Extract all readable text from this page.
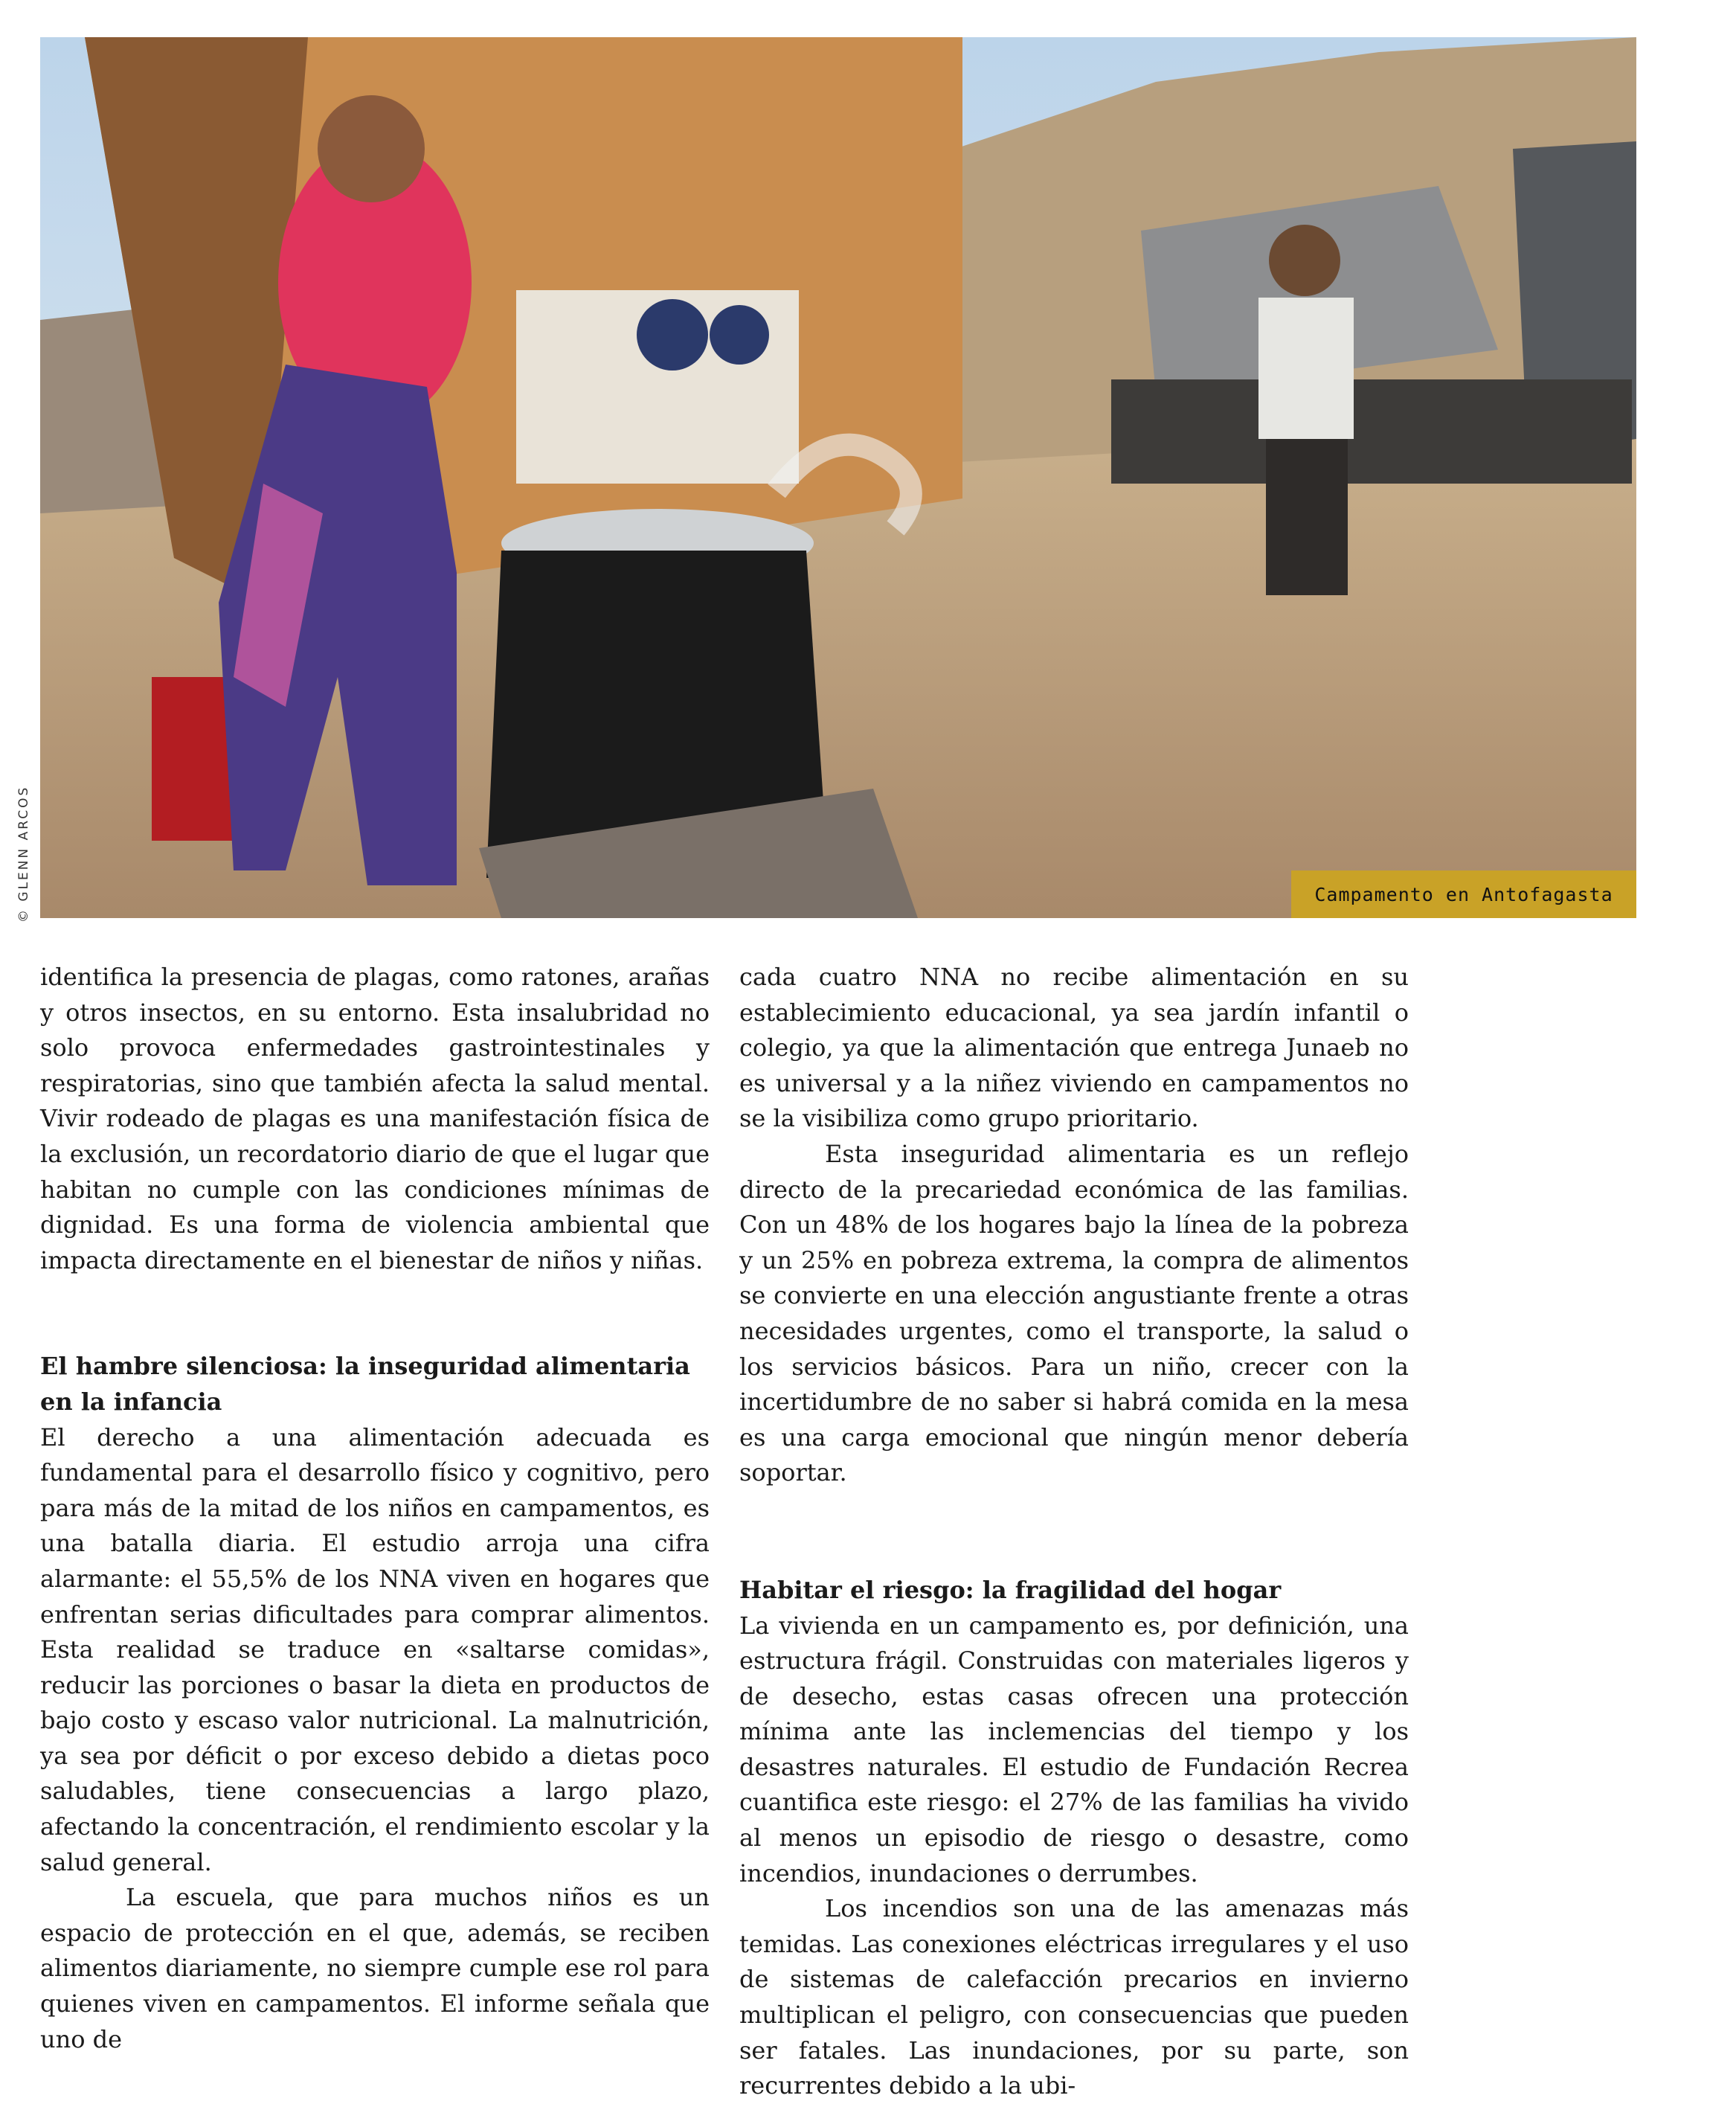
© GLENN ARCOS	Campamento en Antofagasta

identifica la presencia de plagas, como ratones, arañas y otros insectos, en su entorno. Esta insalubridad no solo provoca enfermedades gastrointestinales y respiratorias, sino que también afecta la salud mental. Vivir rodeado de plagas es una manifestación física de la exclusión, un recordatorio diario de que el lugar que habitan no cumple con las condiciones mínimas de dignidad. Es una forma de violencia ambiental que impacta directamente en el bienestar de niños y niñas.

El hambre silenciosa: la inseguridad alimentaria en la infancia

El derecho a una alimentación adecuada es fundamental para el desarrollo físico y cognitivo, pero para más de la mitad de los niños en campamentos, es una batalla diaria. El estudio arroja una cifra alarmante: el 55,5% de los NNA viven en hogares que enfrentan serias dificultades para comprar alimentos. Esta realidad se traduce en «saltarse comidas», reducir las porciones o basar la dieta en productos de bajo costo y escaso valor nutricional. La malnutrición, ya sea por déficit o por exceso debido a dietas poco saludables, tiene consecuencias a largo plazo, afectando la concentración, el rendimiento escolar y la salud general.

La escuela, que para muchos niños es un espacio de protección en el que, además, se reciben alimentos diariamente, no siempre cumple ese rol para quienes viven en campamentos. El informe señala que uno de

cada cuatro NNA no recibe alimentación en su establecimiento educacional, ya sea jardín infantil o colegio, ya que la alimentación que entrega Junaeb no es universal y a la niñez viviendo en campamentos no se la visibiliza como grupo prioritario.

Esta inseguridad alimentaria es un reflejo directo de la precariedad económica de las familias. Con un 48% de los hogares bajo la línea de la pobreza y un 25% en pobreza extrema, la compra de alimentos se convierte en una elección angustiante frente a otras necesidades urgentes, como el transporte, la salud o los servicios básicos. Para un niño, crecer con la incertidumbre de no saber si habrá comida en la mesa es una carga emocional que ningún menor debería soportar.

Habitar el riesgo: la fragilidad del hogar

La vivienda en un campamento es, por definición, una estructura frágil. Construidas con materiales ligeros y de desecho, estas casas ofrecen una protección mínima ante las inclemencias del tiempo y los desastres naturales. El estudio de Fundación Recrea cuantifica este riesgo: el 27% de las familias ha vivido al menos un episodio de riesgo o desastre, como incendios, inundaciones o derrumbes.

Los incendios son una de las amenazas más temidas. Las conexiones eléctricas irregulares y el uso de sistemas de calefacción precarios en invierno multiplican el peligro, con consecuencias que pueden ser fatales. Las inundaciones, por su parte, son recurrentes debido a la ubi-
